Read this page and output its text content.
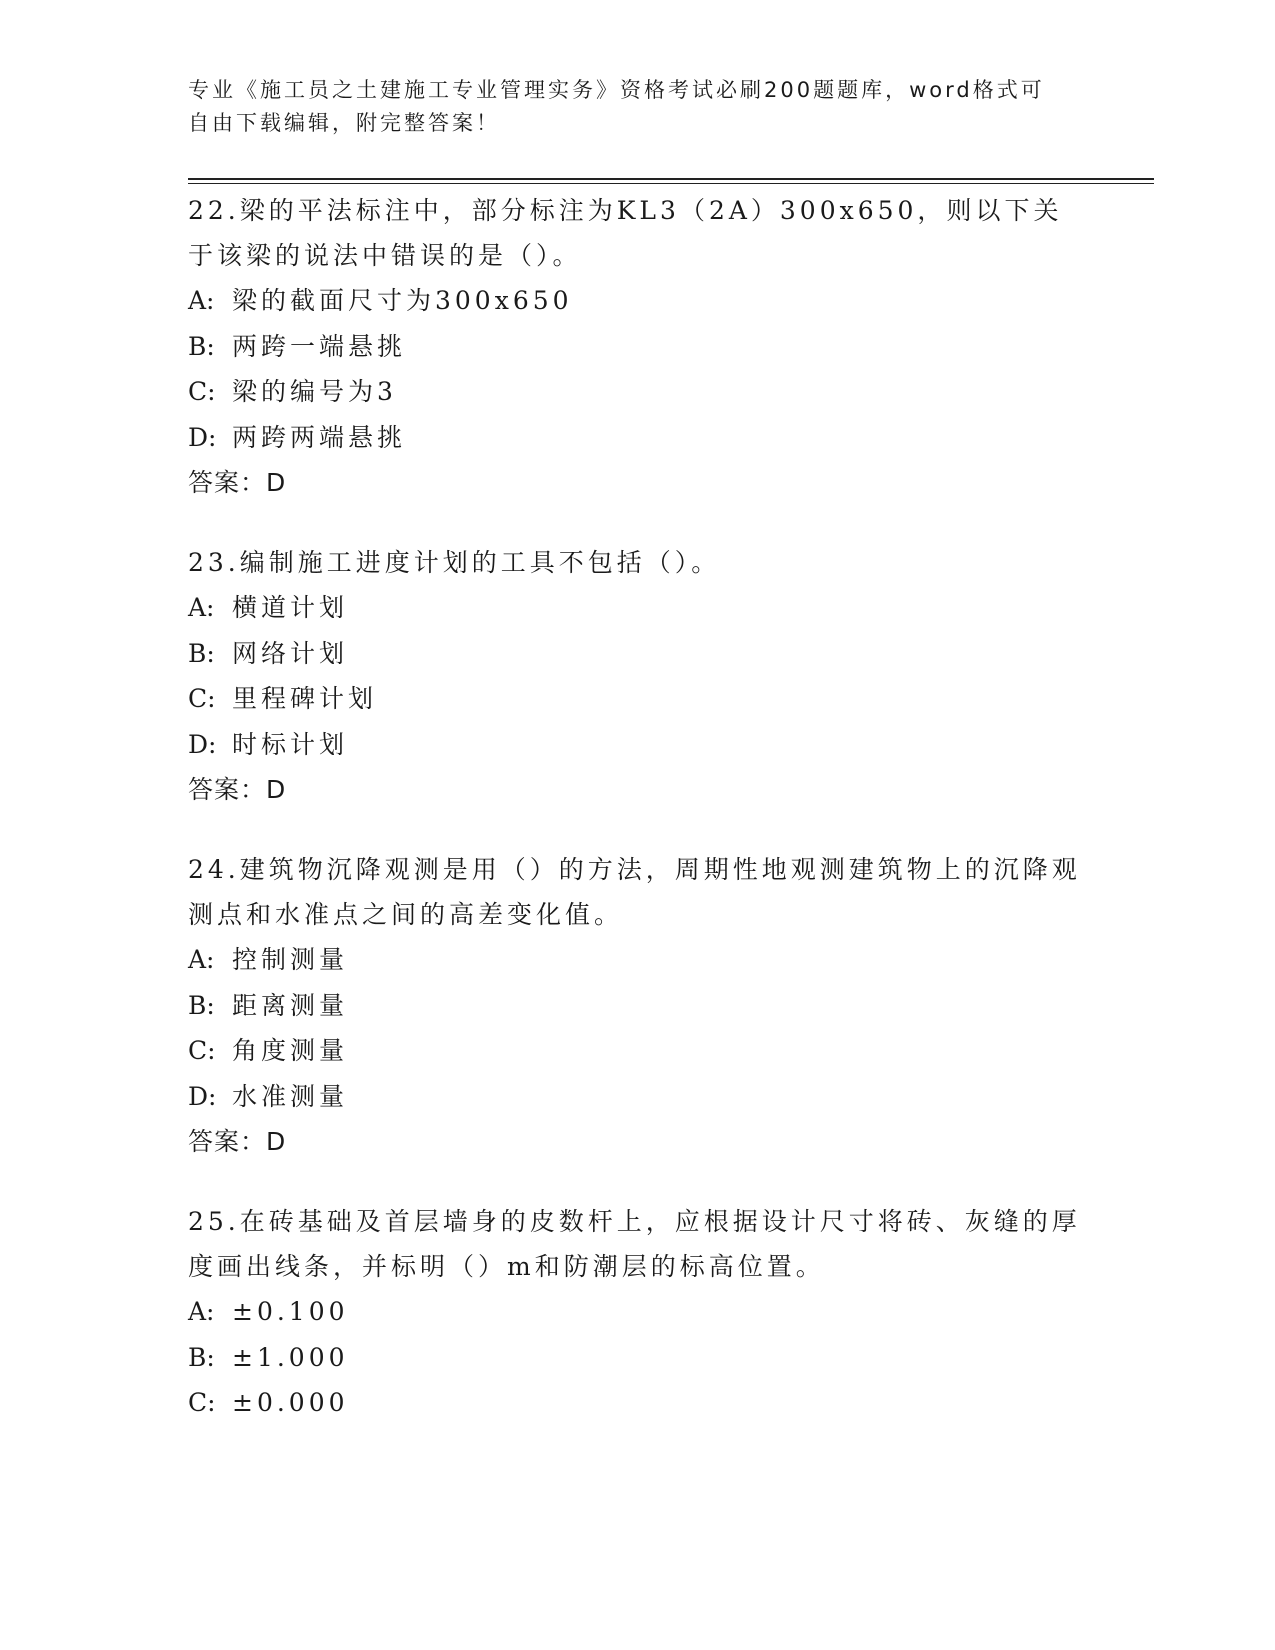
专业《施工员之土建施工专业管理实务》资格考试必刷200题题库，word格式可
自由下载编辑，附完整答案！

22.梁的平法标注中，部分标注为KL3（2A）300x650，则以下关于该梁的说法中错误的是（）。

A: 梁的截面尺寸为300x650

B: 两跨一端悬挑

C: 梁的编号为3

D: 两跨两端悬挑

答案：D

23.编制施工进度计划的工具不包括（）。

A: 横道计划

B: 网络计划

C: 里程碑计划

D: 时标计划

答案：D

24.建筑物沉降观测是用（）的方法，周期性地观测建筑物上的沉降观测点和水准点之间的高差变化值。

A: 控制测量

B: 距离测量

C: 角度测量

D: 水准测量

答案：D

25.在砖基础及首层墙身的皮数杆上，应根据设计尺寸将砖、灰缝的厚度画出线条，并标明（）m和防潮层的标高位置。

A: ±0.100

B: ±1.000

C: ±0.000
